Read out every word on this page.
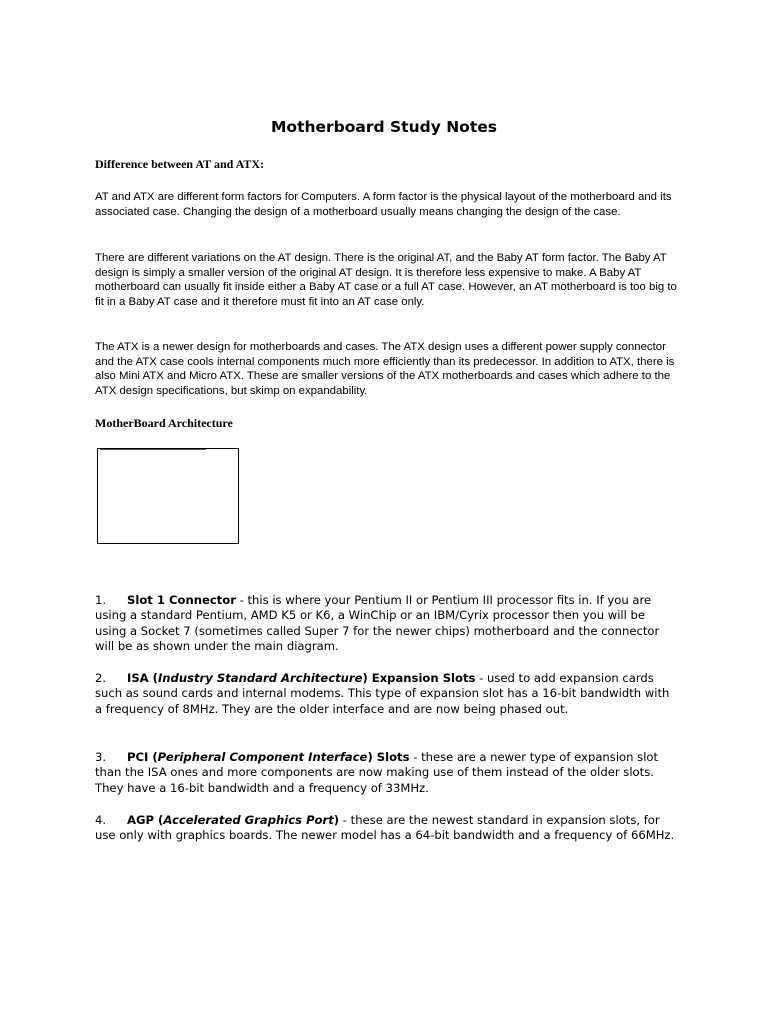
Motherboard Study Notes
Difference between AT and ATX:

AT and ATX are different form factors for Computers. A form factor is the physical layout of the motherboard and its associated case. Changing the design of a motherboard usually means changing the design of the case.

There are different variations on the AT design. There is the original AT, and the Baby AT form factor. The Baby AT design is simply a smaller version of the original AT design. It is therefore less expensive to make. A Baby AT motherboard can usually fit inside either a Baby AT case or a full AT case. However, an AT motherboard is too big to fit in a Baby AT case and it therefore must fit into an AT case only.

The ATX is a newer design for motherboards and cases. The ATX design uses a different power supply connector and the ATX case cools internal components much more efficiently than its predecessor. In addition to ATX, there is also Mini ATX and Micro ATX. These are smaller versions of the ATX motherboards and cases which adhere to the ATX design specifications, but skimp on expandability.

MotherBoard Architecture

1. Slot 1 Connector - this is where your Pentium II or Pentium III processor fits in. If you are using a standard Pentium, AMD K5 or K6, a WinChip or an IBM/Cyrix processor then you will be using a Socket 7 (sometimes called Super 7 for the newer chips) motherboard and the connector will be as shown under the main diagram.

2. ISA (Industry Standard Architecture) Expansion Slots - used to add expansion cards such as sound cards and internal modems. This type of expansion slot has a 16-bit bandwidth with a frequency of 8MHz. They are the older interface and are now being phased out.

3. PCI (Peripheral Component Interface) Slots - these are a newer type of expansion slot than the ISA ones and more components are now making use of them instead of the older slots. They have a 16-bit bandwidth and a frequency of 33MHz.

4. AGP (Accelerated Graphics Port) - these are the newest standard in expansion slots, for use only with graphics boards. The newer model has a 64-bit bandwidth and a frequency of 66MHz.
